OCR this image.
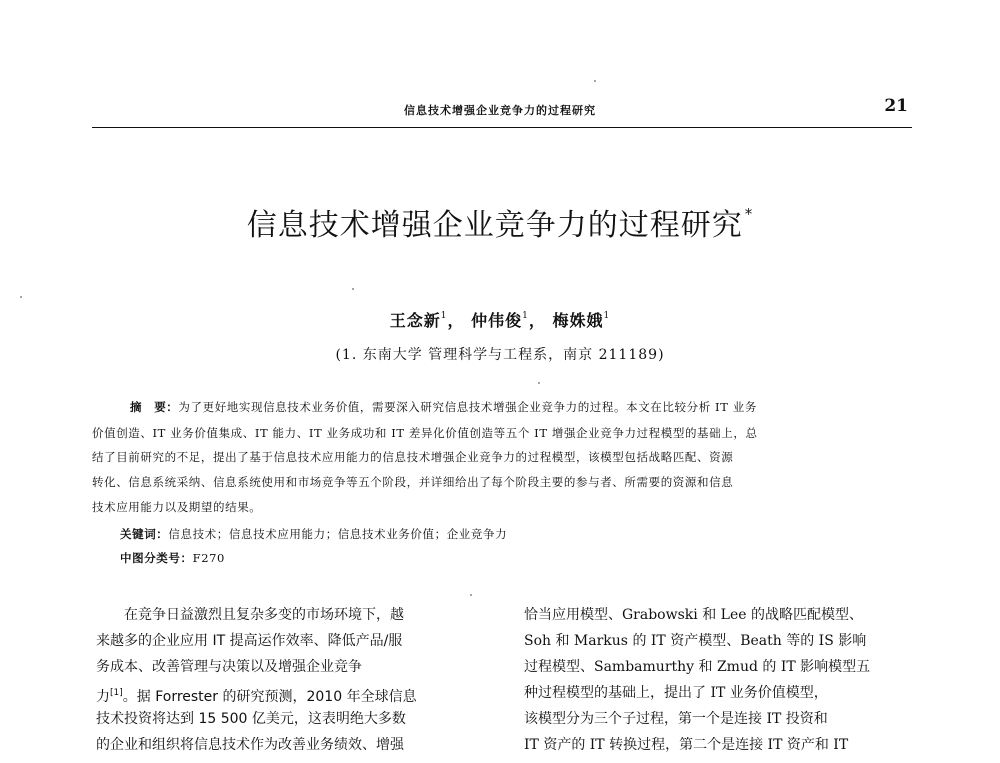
信息技术增强企业竞争力的过程研究	21
信息技术增强企业竞争力的过程研究 *
王念新$^1$， 仲伟俊$^1$， 梅姝娥$^1$
(1. 东南大学 管理科学与工程系，南京 211189)
摘　要：为了更好地实现信息技术业务价值，需要深入研究信息技术增强企业竞争力的过程。本文在比较分析 IT 业务
价值创造、IT 业务价值集成、IT 能力、IT 业务成功和 IT 差异化价值创造等五个 IT 增强企业竞争力过程模型的基础上，总
结了目前研究的不足，提出了基于信息技术应用能力的信息技术增强企业竞争力的过程模型，该模型包括战略匹配、资源
转化、信息系统采纳、信息系统使用和市场竞争等五个阶段，并详细给出了每个阶段主要的参与者、所需要的资源和信息
技术应用能力以及期望的结果。
关键词：信息技术；信息技术应用能力；信息技术业务价值；企业竞争力
中图分类号：F270
在竞争日益激烈且复杂多变的市场环境下，越
来越多的企业应用 IT 提高运作效率、降低产品/服
务成本、改善管理与决策以及增强企业竞争
力[1]。据 Forrester 的研究预测，2010 年全球信息
技术投资将达到 15 500 亿美元，这表明绝大多数
的企业和组织将信息技术作为改善业务绩效、增强
恰当应用模型、Grabowski 和 Lee 的战略匹配模型、
Soh 和 Markus 的 IT 资产模型、Beath 等的 IS 影响
过程模型、Sambamurthy 和 Zmud 的 IT 影响模型五
种过程模型的基础上，提出了 IT 业务价值模型，
该模型分为三个子过程，第一个是连接 IT 投资和
IT 资产的 IT 转换过程，第二个是连接 IT 资产和 IT
